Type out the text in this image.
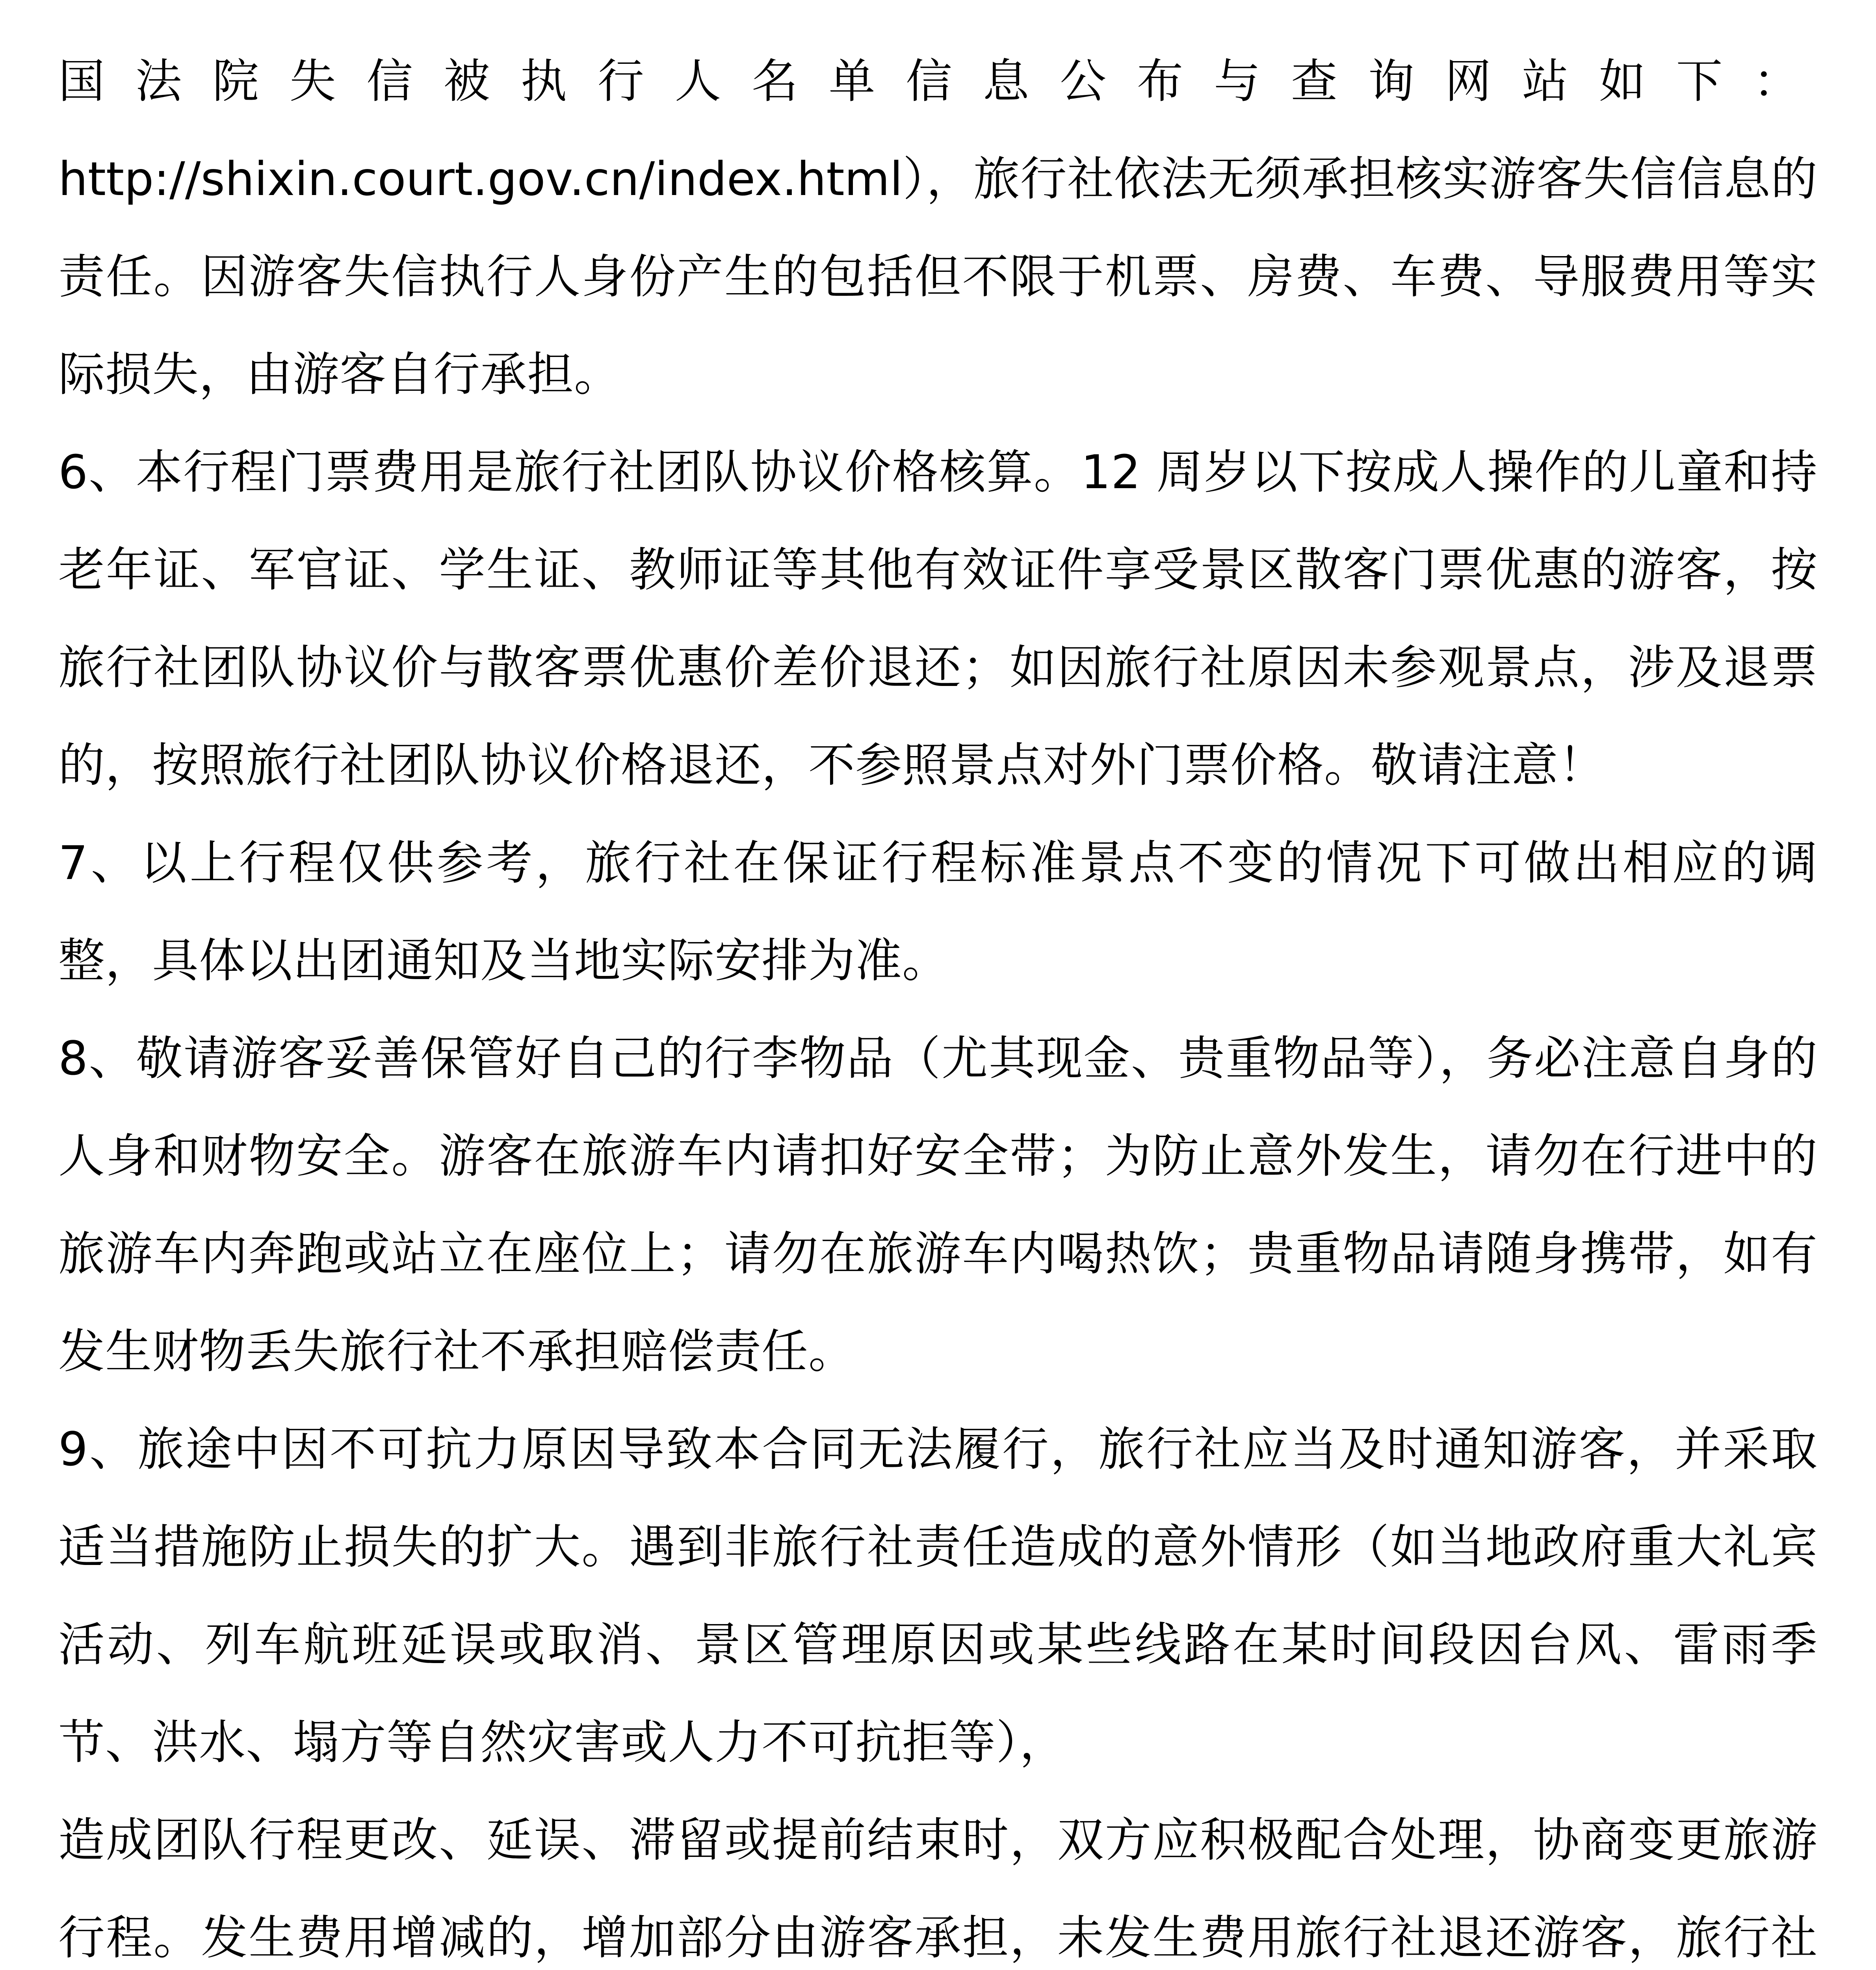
国法院失信被执行人名单信息公布与查询网站如下：
http://shixin.court.gov.cn/index.html），旅行社依法无须承担核实游客失信信息的责任。因游客失信执行人身份产生的包括但不限于机票、房费、车费、导服费用等实际损失，由游客自行承担。

6、本行程门票费用是旅行社团队协议价格核算。12 周岁以下按成人操作的儿童和持老年证、军官证、学生证、教师证等其他有效证件享受景区散客门票优惠的游客，按旅行社团队协议价与散客票优惠价差价退还；如因旅行社原因未参观景点，涉及退票的，按照旅行社团队协议价格退还，不参照景点对外门票价格。敬请注意！

7、以上行程仅供参考，旅行社在保证行程标准景点不变的情况下可做出相应的调整，具体以出团通知及当地实际安排为准。

8、敬请游客妥善保管好自己的行李物品（尤其现金、贵重物品等），务必注意自身的人身和财物安全。游客在旅游车内请扣好安全带；为防止意外发生，请勿在行进中的旅游车内奔跑或站立在座位上；请勿在旅游车内喝热饮；贵重物品请随身携带，如有发生财物丢失旅行社不承担赔偿责任。

9、旅途中因不可抗力原因导致本合同无法履行，旅行社应当及时通知游客，并采取适当措施防止损失的扩大。遇到非旅行社责任造成的意外情形（如当地政府重大礼宾活动、列车航班延误或取消、景区管理原因或某些线路在某时间段因台风、雷雨季节、洪水、塌方等自然灾害或人力不可抗拒等），

造成团队行程更改、延误、滞留或提前结束时，双方应积极配合处理，协商变更旅游行程。发生费用增减的，增加部分由游客承担，未发生费用旅行社退还游客，旅行社
